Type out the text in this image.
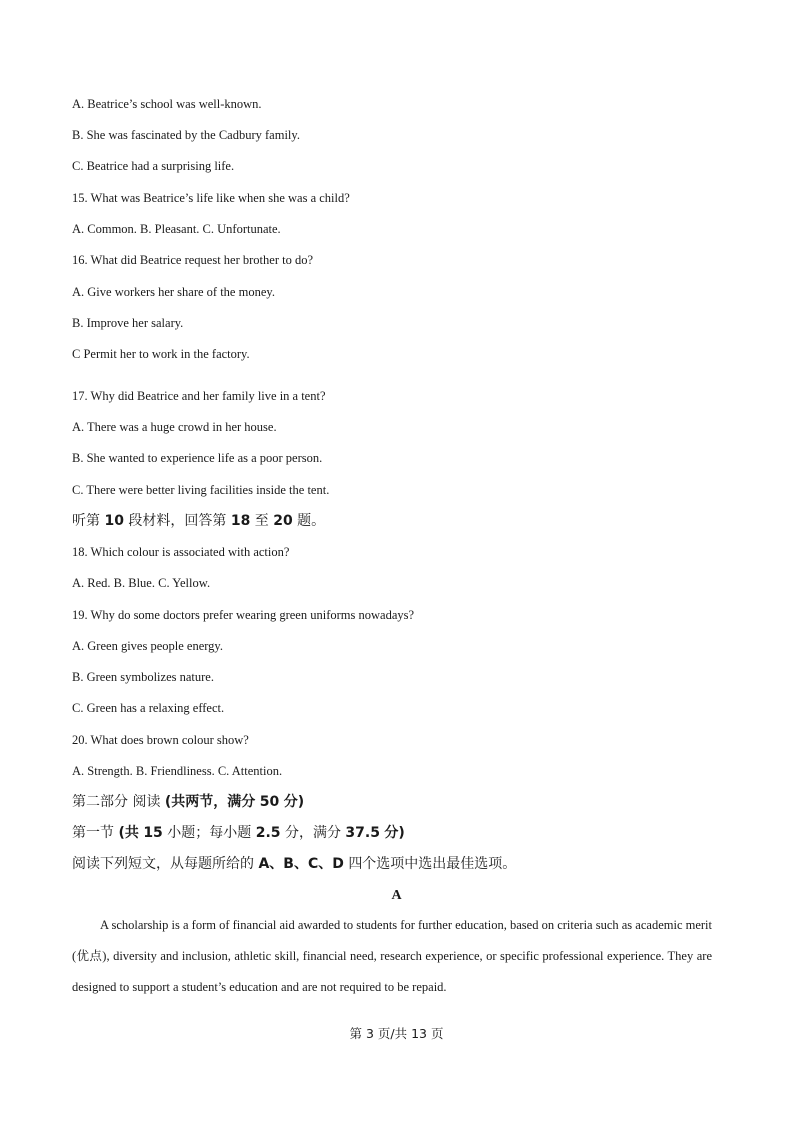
A. Beatrice’s school was well-known.
B. She was fascinated by the Cadbury family.
C. Beatrice had a surprising life.
15. What was Beatrice’s life like when she was a child?
A. Common. B. Pleasant. C. Unfortunate.
16. What did Beatrice request her brother to do?
A. Give workers her share of the money.
B. Improve her salary.
C Permit her to work in the factory.
17. Why did Beatrice and her family live in a tent?
A. There was a huge crowd in her house.
B. She wanted to experience life as a poor person.
C. There were better living facilities inside the tent.
听第 10 段材料，回答第 18 至 20 题。
18. Which colour is associated with action?
A. Red. B. Blue. C. Yellow.
19. Why do some doctors prefer wearing green uniforms nowadays?
A. Green gives people energy.
B. Green symbolizes nature.
C. Green has a relaxing effect.
20. What does brown colour show?
A. Strength. B. Friendliness. C. Attention.
第二部分 阅读 (共两节，满分 50 分)
第一节 (共 15 小题；每小题 2.5 分，满分 37.5 分)
阅读下列短文，从每题所给的 A、B、C、D 四个选项中选出最佳选项。
A
A scholarship is a form of financial aid awarded to students for further education, based on criteria such as academic merit (优点), diversity and inclusion, athletic skill, financial need, research experience, or specific professional experience. They are designed to support a student’s education and are not required to be repaid.
第 3 页/共 13 页
